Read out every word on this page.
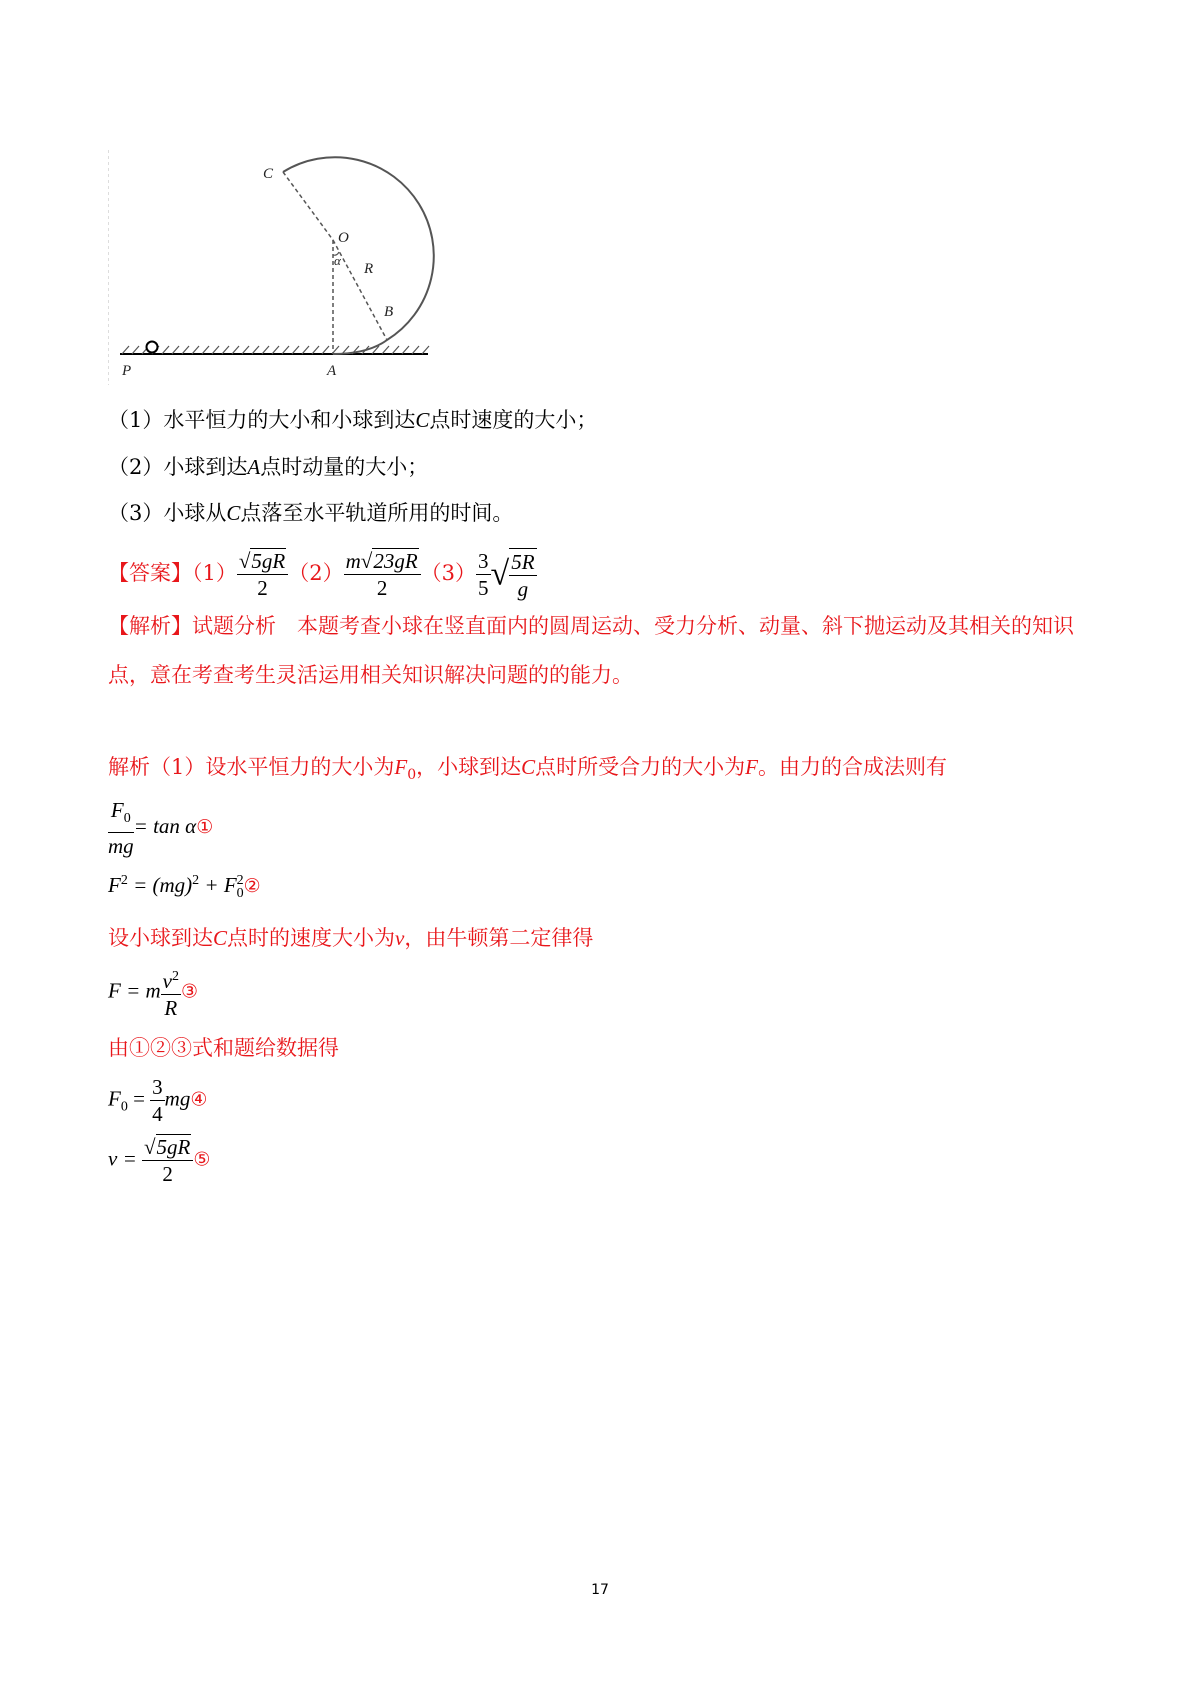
C
O
α
R
B
P	A
（1）水平恒力的大小和小球到达C点时速度的大小；
（2）小球到达A点时动量的大小；
（3）小球从C点落至水平轨道所用的时间。
【答案】$(1) \frac{√5gR}{2} (2) \frac{m√23gR}{2} (3) \frac{3}{5}$ √ $\frac{5R}{g}$
【解析】试题分析　本题考查小球在竖直面内的圆周运动、受力分析、动量、斜下抛运动及其相关的知识
点，意在考查考生灵活运用相关知识解决问题的的能力。
解析（1）设水平恒力的大小为$F_0$，小球到达C点时所受合力的大小为F。由力的合成法则有
$\frac{F_0}{mg} = \tan$ α①
$F^2 = (mg)^2 + F$ 2
0 ②
设小球到达C点时的速度大小为v，由牛顿第二定律得
F = m $\frac{v^2}{R}$ ③
由①②③式和题给数据得
$F_0 = \frac{3}{4}$ mg④
$v = \frac{√5gR}{2}$ ⑤
17
